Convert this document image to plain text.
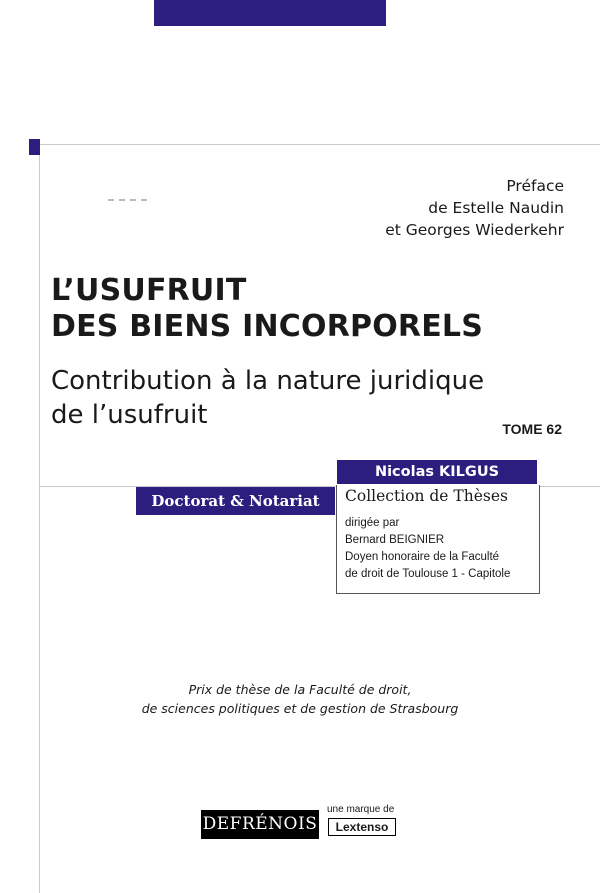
Préface
de Estelle Naudin
et Georges Wiederkehr
L’USUFRUIT
DES BIENS INCORPORELS
Contribution à la nature juridique
de l’usufruit	TOME 62
Nicolas KILGUS
Collection de Thèses
dirigée par
Bernard BEIGNIER
Doyen honoraire de la Faculté
de droit de Toulouse 1 - Capitole
Doctorat & Notariat
Prix de thèse de la Faculté de droit,
de sciences politiques et de gestion de Strasbourg
DEFRÉNOIS
une marque de
Lextenso
